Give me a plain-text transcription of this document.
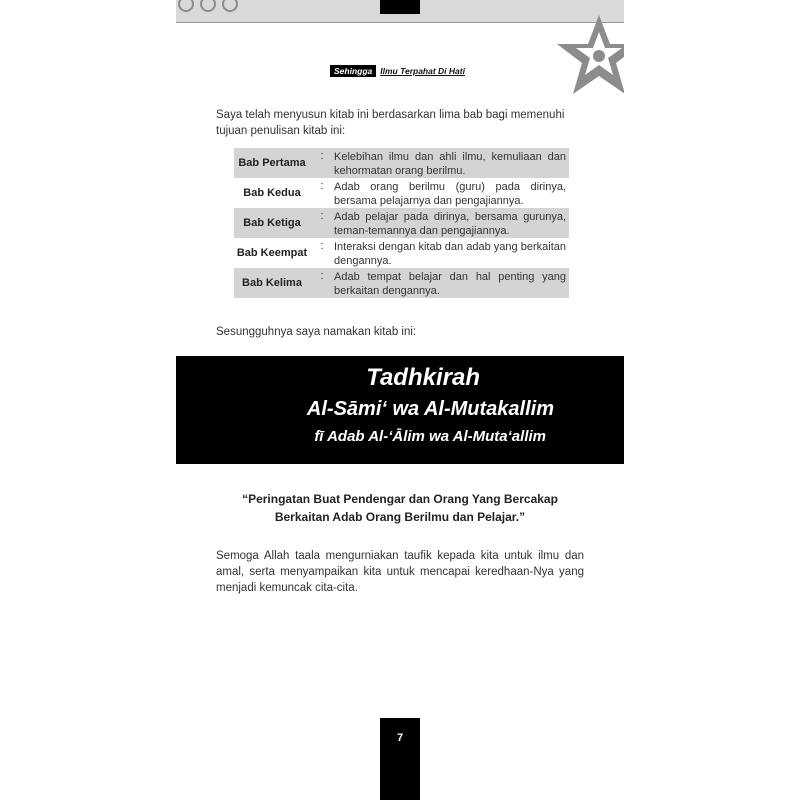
Sehingga Ilmu Terpahat Di Hati
Saya telah menyusun kitab ini berdasarkan lima bab bagi memenuhi tujuan penulisan kitab ini:
Bab Pertama
: Kelebihan ilmu dan ahli ilmu, kemuliaan dan kehormatan orang berilmu.
Bab Kedua
: Adab orang berilmu (guru) pada dirinya, bersama pelajarnya dan pengajiannya.
Bab Ketiga
: Adab pelajar pada dirinya, bersama gurunya, teman-temannya dan pengajiannya.
Bab Keempat
: Interaksi dengan kitab dan adab yang berkaitan dengannya.
Bab Kelima
: Adab tempat belajar dan hal penting yang berkaitan dengannya.
Sesungguhnya saya namakan kitab ini:
Tadhkirah
Al-Sāmi‘ wa Al-Mutakallim
fī Adab Al-‘Ālim wa Al-Muta‘allim
“Peringatan Buat Pendengar dan Orang Yang Bercakap
Berkaitan Adab Orang Berilmu dan Pelajar.”
Semoga Allah taala mengurniakan taufik kepada kita untuk ilmu dan amal, serta menyampaikan kita untuk mencapai keredhaan-Nya yang menjadi kemuncak cita-cita.
7
